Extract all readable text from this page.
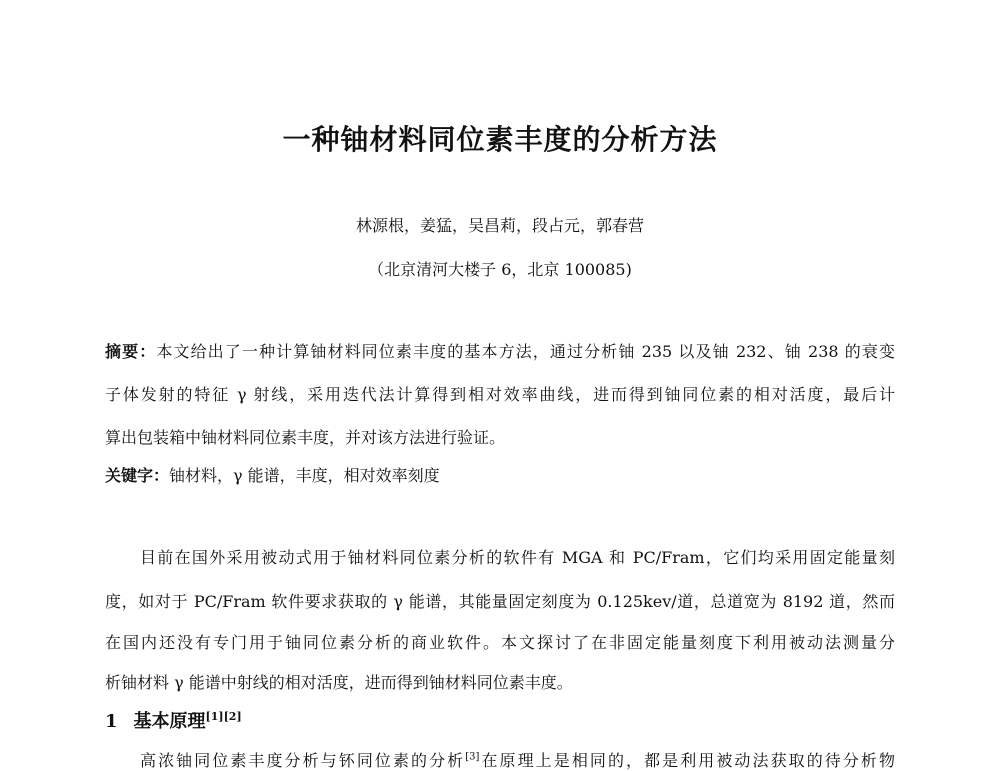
一种铀材料同位素丰度的分析方法
林源根，姜猛，吴昌莉，段占元，郭春营
（北京清河大楼子 6，北京 100085)
摘要：本文给出了一种计算铀材料同位素丰度的基本方法，通过分析铀 235 以及铀 232、铀 238 的衰变
子体发射的特征 γ 射线，采用迭代法计算得到相对效率曲线，进而得到铀同位素的相对活度，最后计
算出包装箱中铀材料同位素丰度，并对该方法进行验证。
关键字：铀材料，γ 能谱，丰度，相对效率刻度
目前在国外采用被动式用于铀材料同位素分析的软件有 MGA 和 PC/Fram，它们均采用固定能量刻
度，如对于 PC/Fram 软件要求获取的 γ 能谱，其能量固定刻度为 0.125kev/道，总道宽为 8192 道，然而
在国内还没有专门用于铀同位素分析的商业软件。本文探讨了在非固定能量刻度下利用被动法测量分
析铀材料 γ 能谱中射线的相对活度，进而得到铀材料同位素丰度。
1 基本原理[1][2]
高浓铀同位素丰度分析与钚同位素的分析[3]在原理上是相同的，都是利用被动法获取的待分析物
